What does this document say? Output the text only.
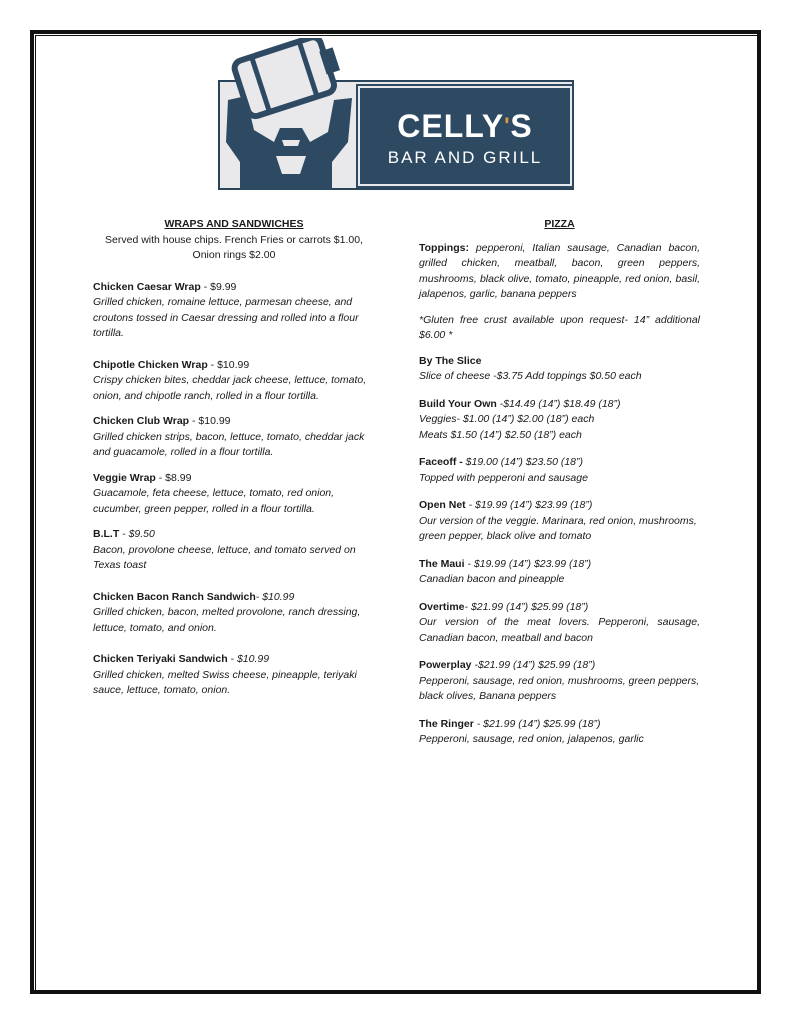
CELLY'S
BAR AND GRILL

WRAPS AND SANDWICHES

Served with house chips. French Fries or carrots $1.00, Onion rings $2.00

Chicken Caesar Wrap - $9.99
Grilled chicken, romaine lettuce, parmesan cheese, and croutons tossed in Caesar dressing and rolled into a flour tortilla.

Chipotle Chicken Wrap - $10.99
Crispy chicken bites, cheddar jack cheese, lettuce, tomato, onion, and chipotle ranch, rolled in a flour tortilla.

Chicken Club Wrap - $10.99
Grilled chicken strips, bacon, lettuce, tomato, cheddar jack and guacamole, rolled in a flour tortilla.

Veggie Wrap - $8.99
Guacamole, feta cheese, lettuce, tomato, red onion, cucumber, green pepper, rolled in a flour tortilla.

B.L.T - $9.50
Bacon, provolone cheese, lettuce, and tomato served on Texas toast

Chicken Bacon Ranch Sandwich- $10.99
Grilled chicken, bacon, melted provolone, ranch dressing, lettuce, tomato, and onion.

Chicken Teriyaki Sandwich - $10.99
Grilled chicken, melted Swiss cheese, pineapple, teriyaki sauce, lettuce, tomato, onion.

PIZZA

Toppings: pepperoni, Italian sausage, Canadian bacon, grilled chicken, meatball, bacon, green peppers, mushrooms, black olive, tomato, pineapple, red onion, basil, jalapenos, garlic, banana peppers

*Gluten free crust available upon request- 14” additional $6.00 *

By The Slice
Slice of cheese -$3.75 Add toppings $0.50 each

Build Your Own -$14.49 (14”) $18.49 (18”)
Veggies- $1.00 (14”) $2.00 (18”) each
Meats $1.50 (14”) $2.50 (18”) each

Faceoff - $19.00 (14”) $23.50 (18”)
Topped with pepperoni and sausage

Open Net - $19.99 (14”) $23.99 (18”)
Our version of the veggie. Marinara, red onion, mushrooms, green pepper, black olive and tomato

The Maui - $19.99 (14”) $23.99 (18”)
Canadian bacon and pineapple

Overtime- $21.99 (14”) $25.99 (18”)
Our version of the meat lovers. Pepperoni, sausage, Canadian bacon, meatball and bacon

Powerplay -$21.99 (14”) $25.99 (18”)
Pepperoni, sausage, red onion, mushrooms, green peppers, black olives, Banana peppers

The Ringer - $21.99 (14”) $25.99 (18”)
Pepperoni, sausage, red onion, jalapenos, garlic
